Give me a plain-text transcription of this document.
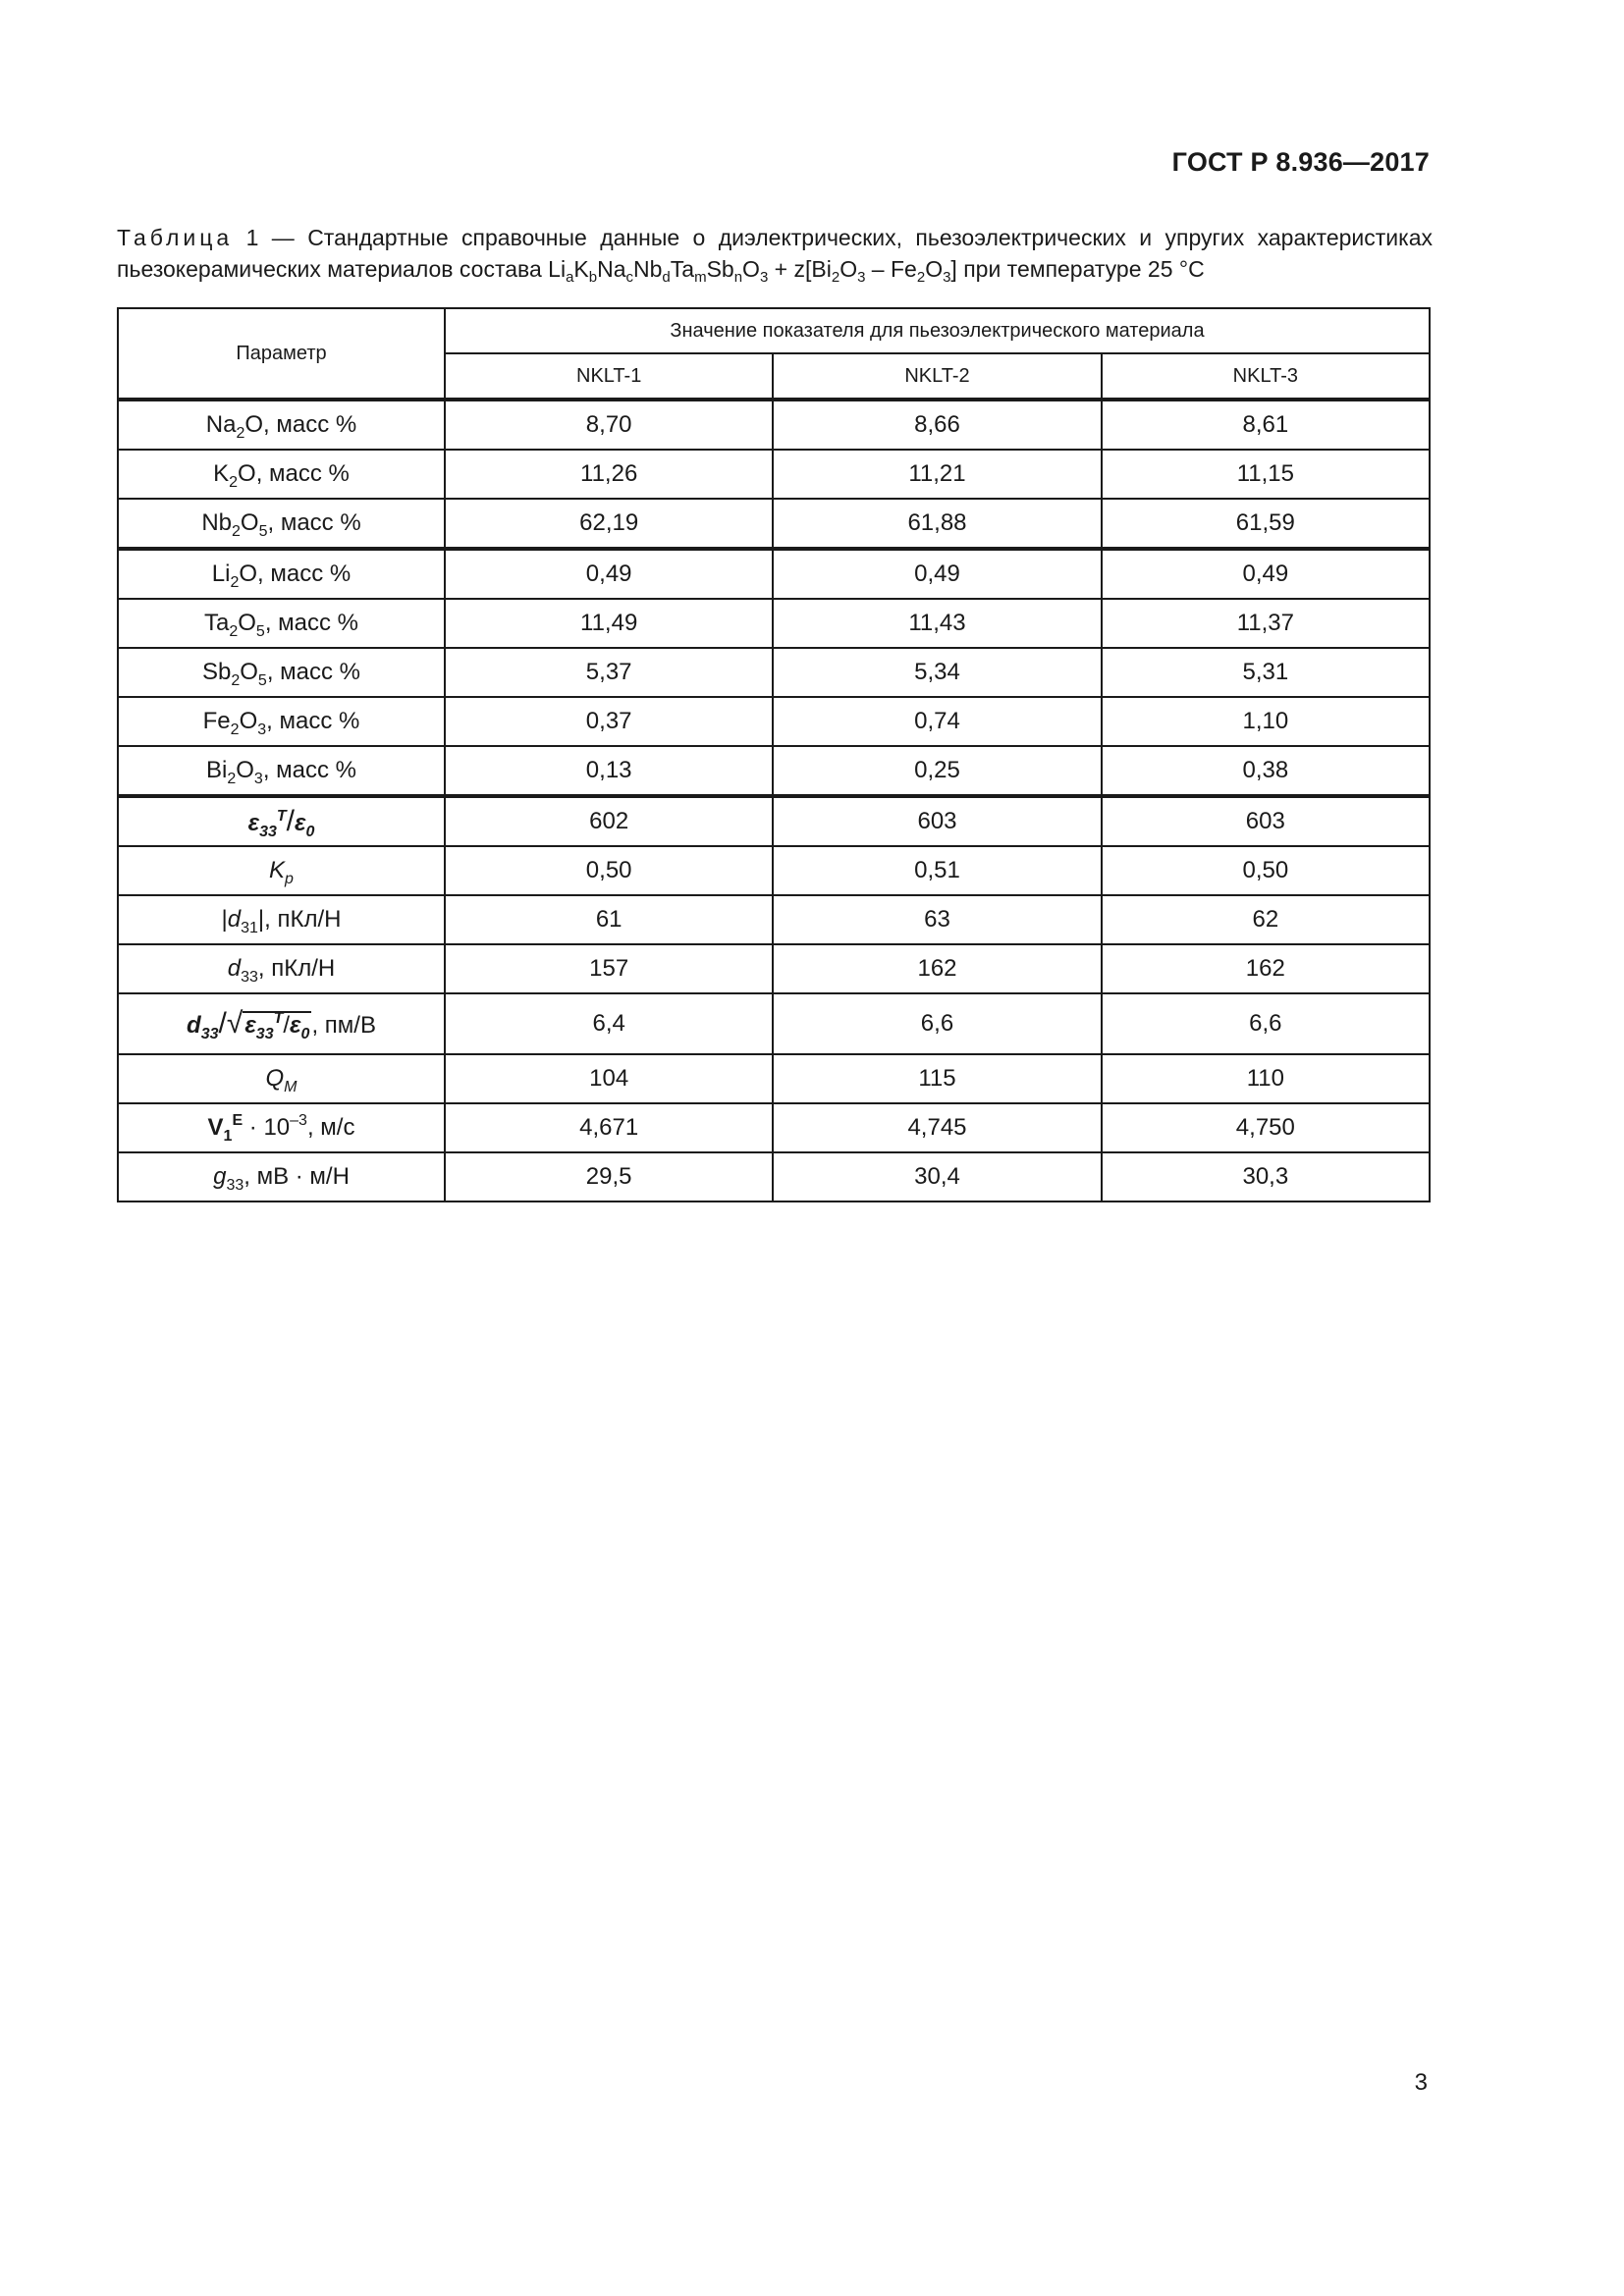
ГОСТ Р 8.936—2017
Таблица 1 — Стандартные справочные данные о диэлектрических, пьезоэлектрических и упругих характеристиках пьезокерамических материалов состава $Li_aK_bNa_cNb_dTa_mSb_nO_3 + z[Bi_2O_3 - Fe_2O_3]$ при температуре 25 °C
Параметр	Значение показателя для пьезоэлектрического материала		
	NKLT-1	NKLT-2	NKLT-3
$Na_2O$, масс %	8,70	8,66	8,61
$K_2O$, масс %	11,26	11,21	11,15
$Nb_2O_5$, масс %	62,19	61,88	61,59
$Li_2O$, масс %	0,49	0,49	0,49
$Ta_2O_5$, масс %	11,49	11,43	11,37
$Sb_2O_5$, масс %	5,37	5,34	5,31
$Fe_2O_3$, масс %	0,37	0,74	1,10
$Bi_2O_3$, масс %	0,13	0,25	0,38
$\varepsilon_{33}^T/\varepsilon_0$	602	603	603
$K_p$	0,50	0,51	0,50
$|d_{31}|$, пКл/Н	61	63	62
$d_{33}$, пКл/Н	157	162	162
$d_{33}/√\varepsilon_{33}^T/\varepsilon_0$, пм/В	6,4	6,6	6,6
$Q_M$	104	115	110
$V_1^E \cdot 10^{-3}$, м/с	4,671	4,745	4,750
$g_{33}$, мВ · м/Н	29,5	30,4	30,3
3
